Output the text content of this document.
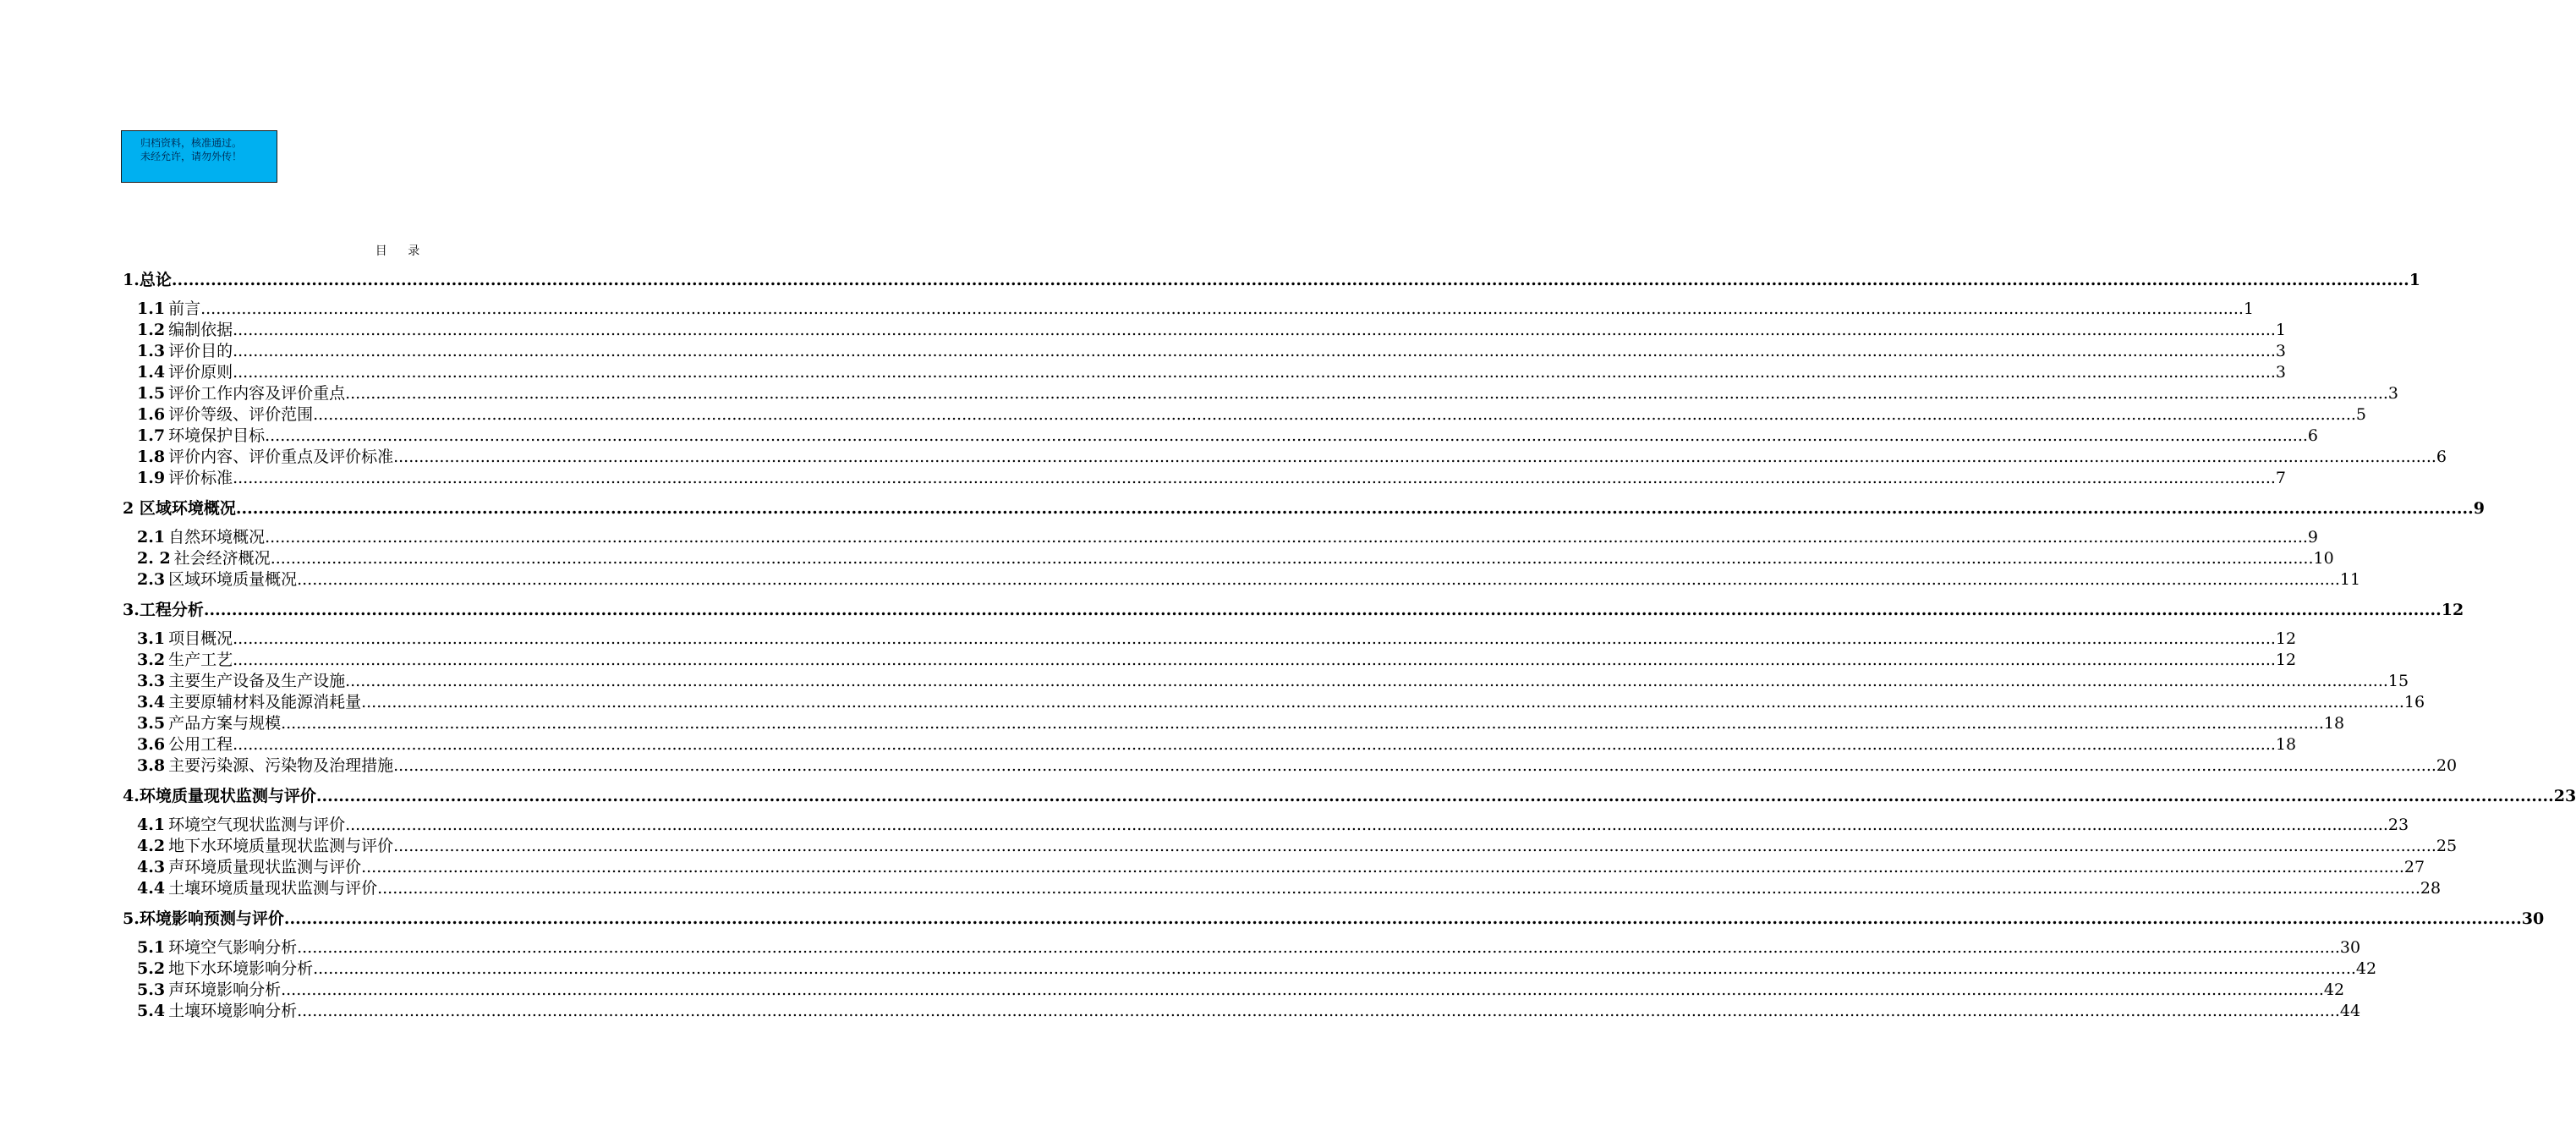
归档资料，核准通过。
未经允许，请勿外传！
目 录
1.总论 ................................................................................................................................................................................................................................................................................................................................................................................................................ 1
1.1 前言 ................................................................................................................................................................................................................................................................................................................................................................................................................ 1
1.2 编制依据 ................................................................................................................................................................................................................................................................................................................................................................................................................ 1
1.3 评价目的 ................................................................................................................................................................................................................................................................................................................................................................................................................ 3
1.4 评价原则 ................................................................................................................................................................................................................................................................................................................................................................................................................ 3
1.5 评价工作内容及评价重点 ................................................................................................................................................................................................................................................................................................................................................................................................................ 3
1.6 评价等级、评价范围 ................................................................................................................................................................................................................................................................................................................................................................................................................ 5
1.7 环境保护目标 ................................................................................................................................................................................................................................................................................................................................................................................................................ 6
1.8 评价内容、评价重点及评价标准 ................................................................................................................................................................................................................................................................................................................................................................................................................ 6
1.9 评价标准 ................................................................................................................................................................................................................................................................................................................................................................................................................ 7
2 区域环境概况 ................................................................................................................................................................................................................................................................................................................................................................................................................ 9
2.1 自然环境概况 ................................................................................................................................................................................................................................................................................................................................................................................................................ 9
2. 2 社会经济概况 ................................................................................................................................................................................................................................................................................................................................................................................................................ 10
2.3 区域环境质量概况 ................................................................................................................................................................................................................................................................................................................................................................................................................ 11
3.工程分析 ................................................................................................................................................................................................................................................................................................................................................................................................................ 12
3.1 项目概况 ................................................................................................................................................................................................................................................................................................................................................................................................................ 12
3.2 生产工艺 ................................................................................................................................................................................................................................................................................................................................................................................................................ 12
3.3 主要生产设备及生产设施 ................................................................................................................................................................................................................................................................................................................................................................................................................ 15
3.4 主要原辅材料及能源消耗量 ................................................................................................................................................................................................................................................................................................................................................................................................................ 16
3.5 产品方案与规模 ................................................................................................................................................................................................................................................................................................................................................................................................................ 18
3.6 公用工程 ................................................................................................................................................................................................................................................................................................................................................................................................................ 18
3.8 主要污染源、污染物及治理措施 ................................................................................................................................................................................................................................................................................................................................................................................................................ 20
4.环境质量现状监测与评价 ................................................................................................................................................................................................................................................................................................................................................................................................................ 23
4.1 环境空气现状监测与评价 ................................................................................................................................................................................................................................................................................................................................................................................................................ 23
4.2 地下水环境质量现状监测与评价 ................................................................................................................................................................................................................................................................................................................................................................................................................ 25
4.3 声环境质量现状监测与评价 ................................................................................................................................................................................................................................................................................................................................................................................................................ 27
4.4 土壤环境质量现状监测与评价 ................................................................................................................................................................................................................................................................................................................................................................................................................ 28
5.环境影响预测与评价 ................................................................................................................................................................................................................................................................................................................................................................................................................ 30
5.1 环境空气影响分析 ................................................................................................................................................................................................................................................................................................................................................................................................................ 30
5.2 地下水环境影响分析 ................................................................................................................................................................................................................................................................................................................................................................................................................ 42
5.3 声环境影响分析 ................................................................................................................................................................................................................................................................................................................................................................................................................ 42
5.4 土壤环境影响分析 ................................................................................................................................................................................................................................................................................................................................................................................................................ 44
